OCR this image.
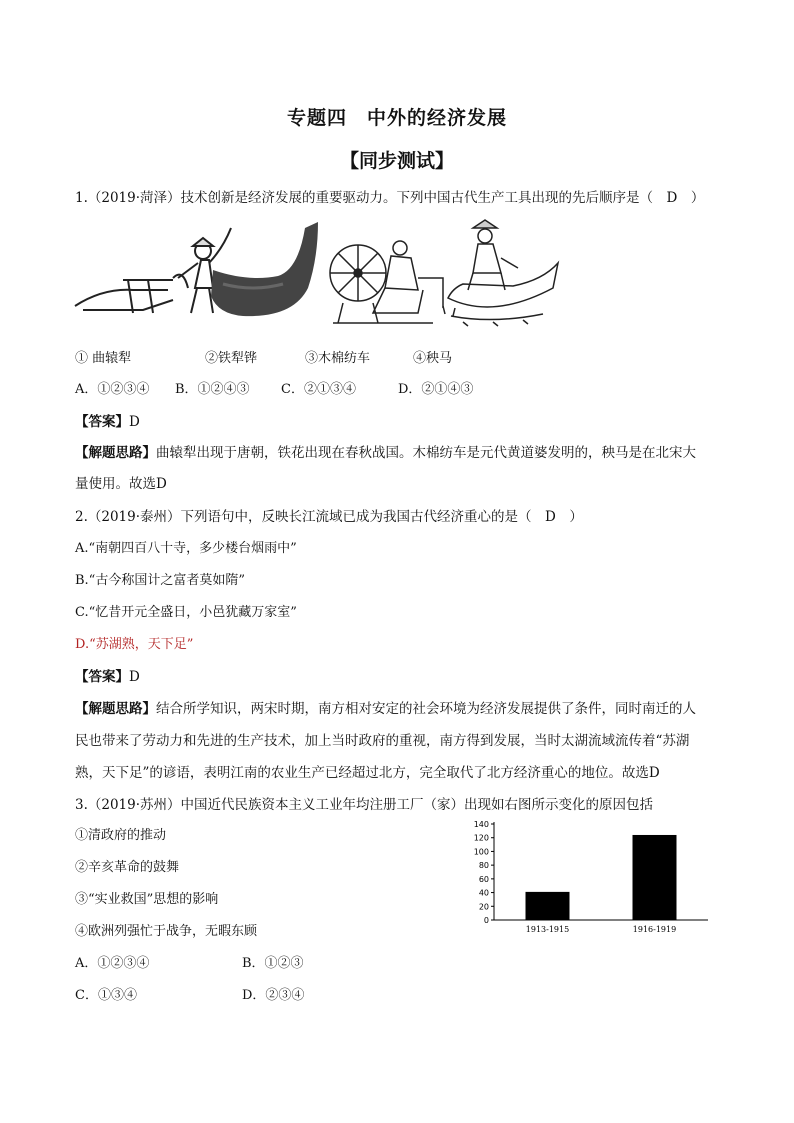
专题四　中外的经济发展
【同步测试】
1.（2019·菏泽）技术创新是经济发展的重要驱动力。下列中国古代生产工具出现的先后顺序是（　D　）
① 曲辕犁	②铁犁铧	③木棉纺车	④秧马
A．①②③④ B．①②④③ C．②①③④	D．②①④③
【答案】D
【解题思路】曲辕犁出现于唐朝，铁花出现在春秋战国。木棉纺车是元代黄道婆发明的，秧马是在北宋大
量使用。故选D
2.（2019·泰州）下列语句中，反映长江流域已成为我国古代经济重心的是（　D　）
A.“南朝四百八十寺，多少楼台烟雨中”
B.“古今称国计之富者莫如隋”
C.“忆昔开元全盛日，小邑犹藏万家室”
D.“苏湖熟，天下足”
【答案】D
【解题思路】结合所学知识，两宋时期，南方相对安定的社会环境为经济发展提供了条件，同时南迁的人
民也带来了劳动力和先进的生产技术，加上当时政府的重视，南方得到发展，当时太湖流域流传着“苏湖
熟，天下足”的谚语，表明江南的农业生产已经超过北方，完全取代了北方经济重心的地位。故选D
3.（2019·苏州）中国近代民族资本主义工业年均注册工厂（家）出现如右图所示变化的原因包括
①清政府的推动
②辛亥革命的鼓舞
③“实业救国”思想的影响
④欧洲列强忙于战争，无暇东顾
A．①②③④	B．①②③
C．①③④	D．②③④
0
20
40
60
80
100
120
140
1913-1915	1916-1919
